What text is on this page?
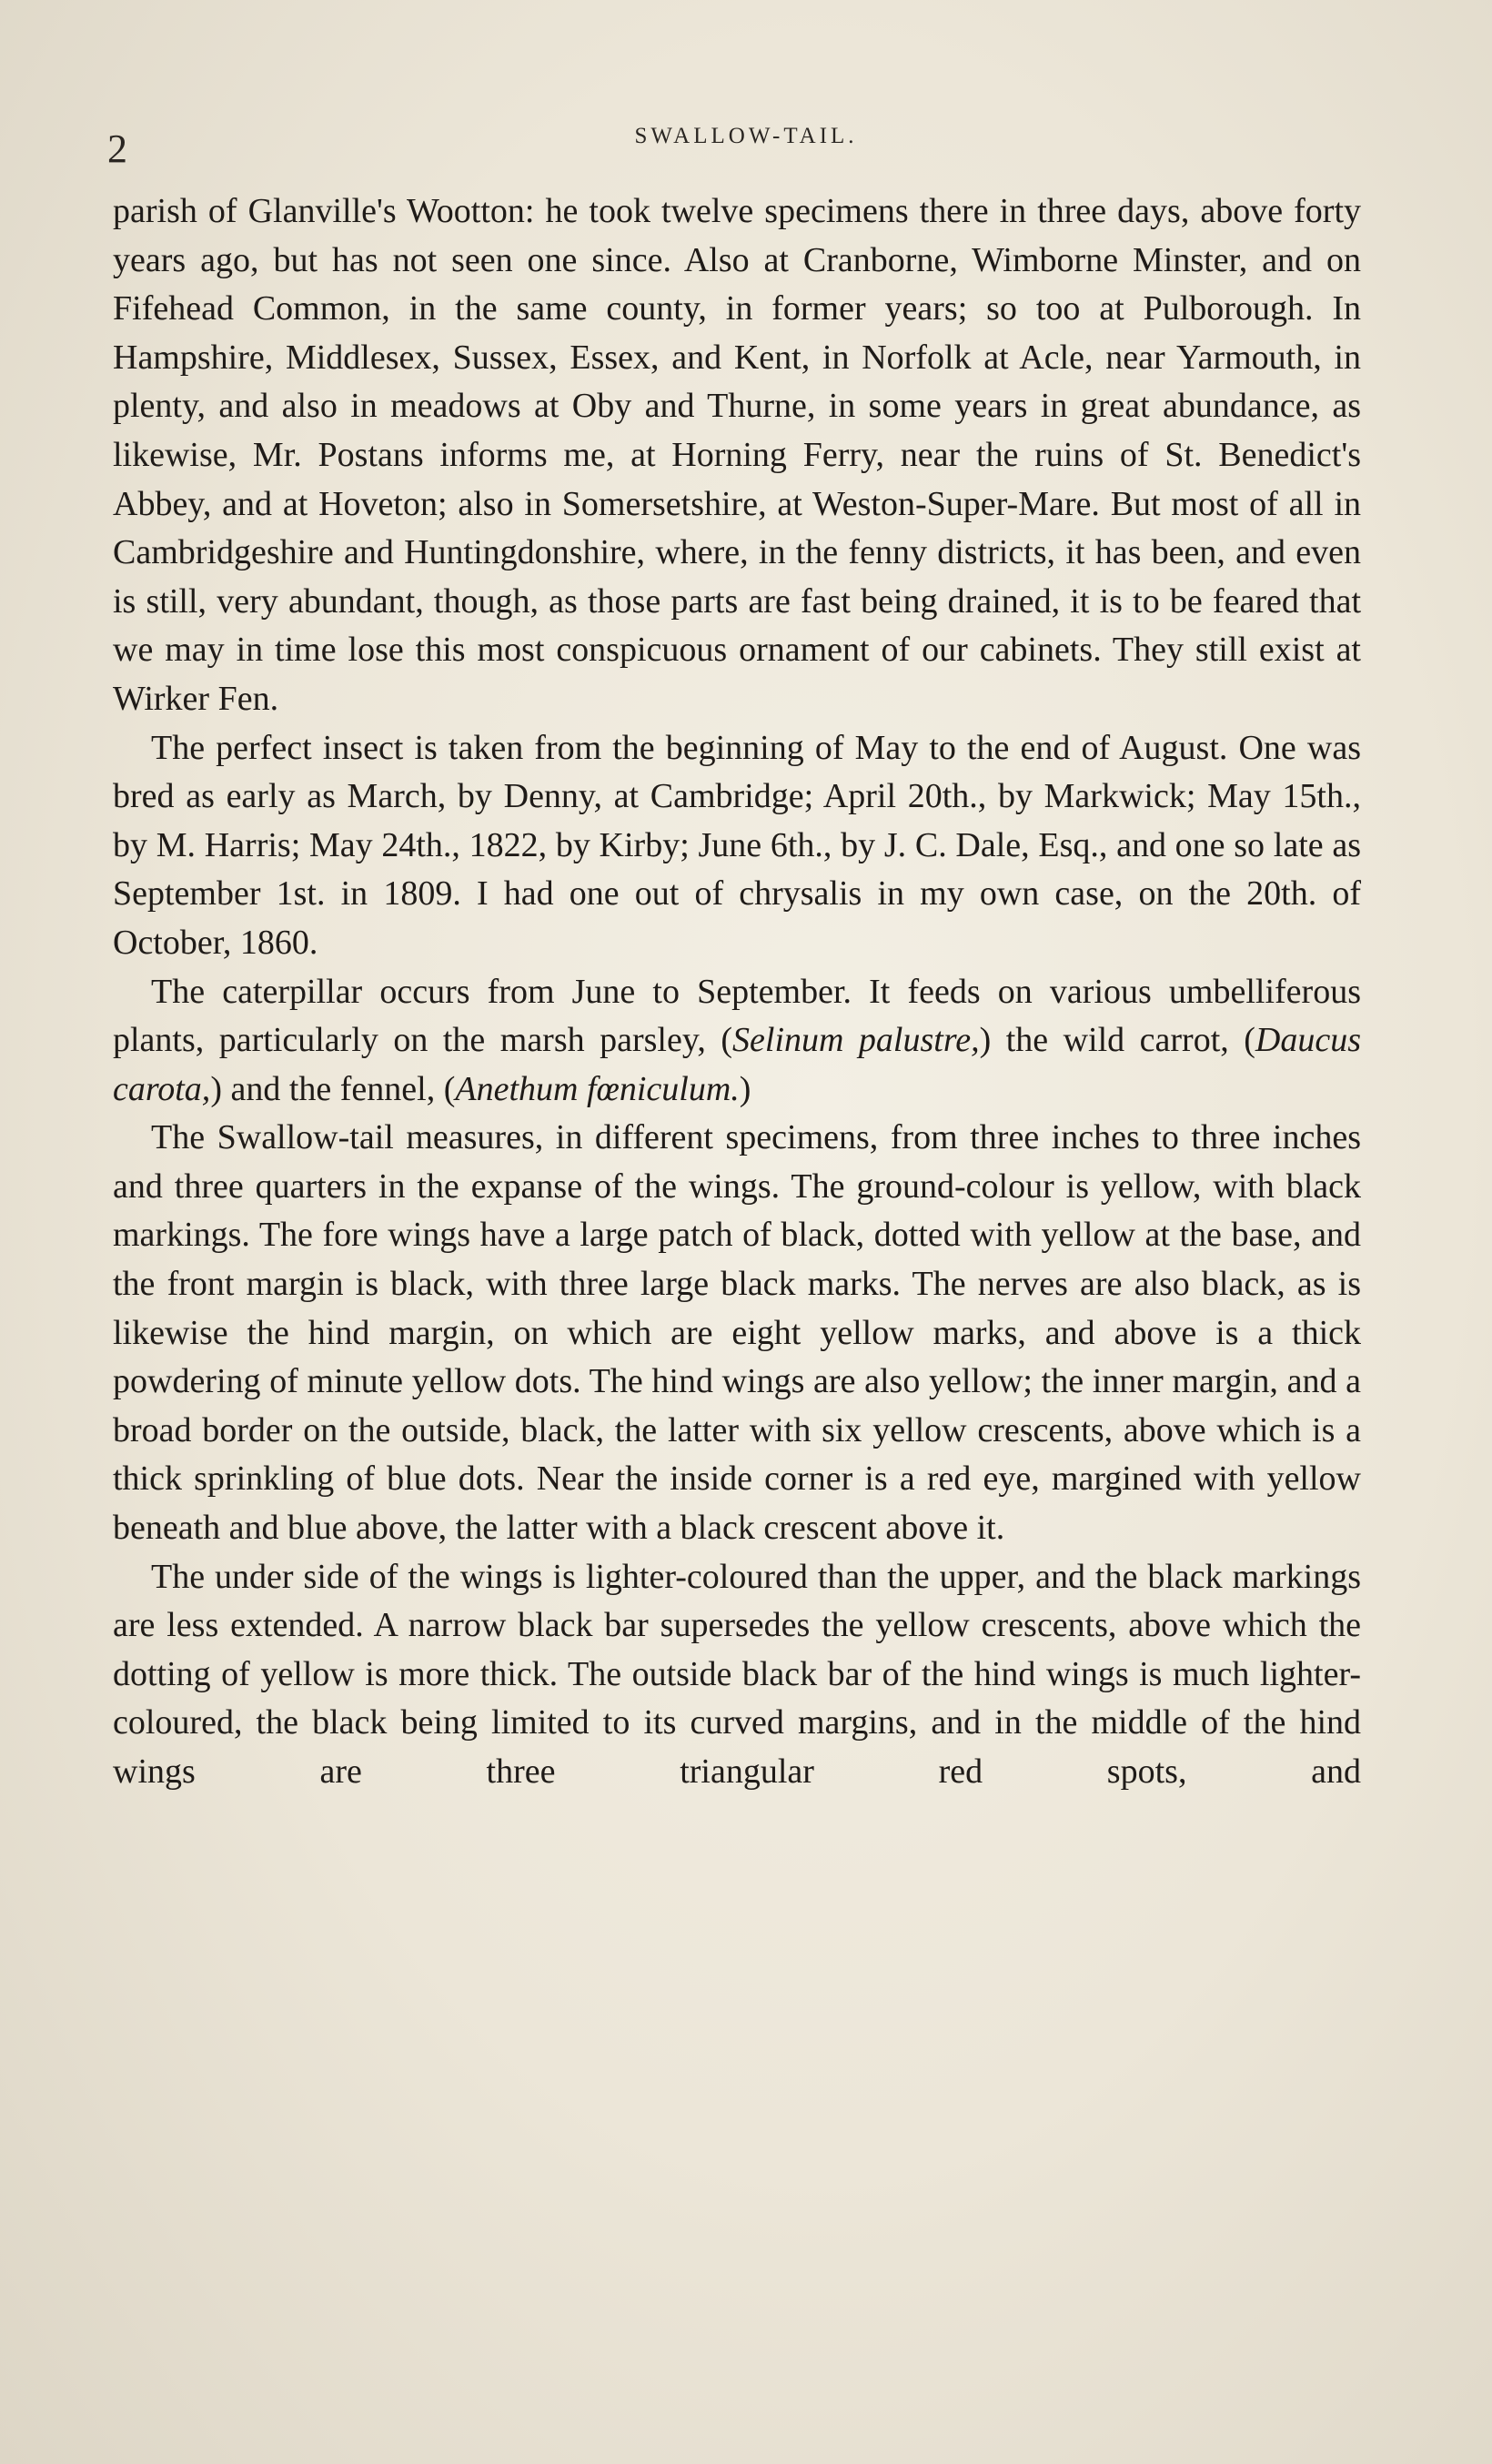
2	SWALLOW-TAIL.

parish of Glanville's Wootton: he took twelve specimens there in three days, above forty years ago, but has not seen one since. Also at Cranborne, Wimborne Minster, and on Fifehead Common, in the same county, in former years; so too at Pulborough. In Hampshire, Middlesex, Sussex, Essex, and Kent, in Norfolk at Acle, near Yarmouth, in plenty, and also in meadows at Oby and Thurne, in some years in great abundance, as likewise, Mr. Postans informs me, at Horning Ferry, near the ruins of St. Benedict's Abbey, and at Hoveton; also in Somersetshire, at Weston-Super-Mare. But most of all in Cambridgeshire and Huntingdonshire, where, in the fenny districts, it has been, and even is still, very abundant, though, as those parts are fast being drained, it is to be feared that we may in time lose this most conspicuous ornament of our cabinets. They still exist at Wirker Fen.

The perfect insect is taken from the beginning of May to the end of August. One was bred as early as March, by Denny, at Cambridge; April 20th., by Markwick; May 15th., by M. Harris; May 24th., 1822, by Kirby; June 6th., by J. C. Dale, Esq., and one so late as September 1st. in 1809. I had one out of chrysalis in my own case, on the 20th. of October, 1860.

The caterpillar occurs from June to September. It feeds on various umbelliferous plants, particularly on the marsh parsley, (Selinum palustre,) the wild carrot, (Daucus carota,) and the fennel, (Anethum fœniculum.)

The Swallow-tail measures, in different specimens, from three inches to three inches and three quarters in the expanse of the wings. The ground-colour is yellow, with black markings. The fore wings have a large patch of black, dotted with yellow at the base, and the front margin is black, with three large black marks. The nerves are also black, as is likewise the hind margin, on which are eight yellow marks, and above is a thick powdering of minute yellow dots. The hind wings are also yellow; the inner margin, and a broad border on the outside, black, the latter with six yellow crescents, above which is a thick sprinkling of blue dots. Near the inside corner is a red eye, margined with yellow beneath and blue above, the latter with a black crescent above it.

The under side of the wings is lighter-coloured than the upper, and the black markings are less extended. A narrow black bar supersedes the yellow crescents, above which the dotting of yellow is more thick. The outside black bar of the hind wings is much lighter-coloured, the black being limited to its curved margins, and in the middle of the hind wings are three triangular red spots, and
